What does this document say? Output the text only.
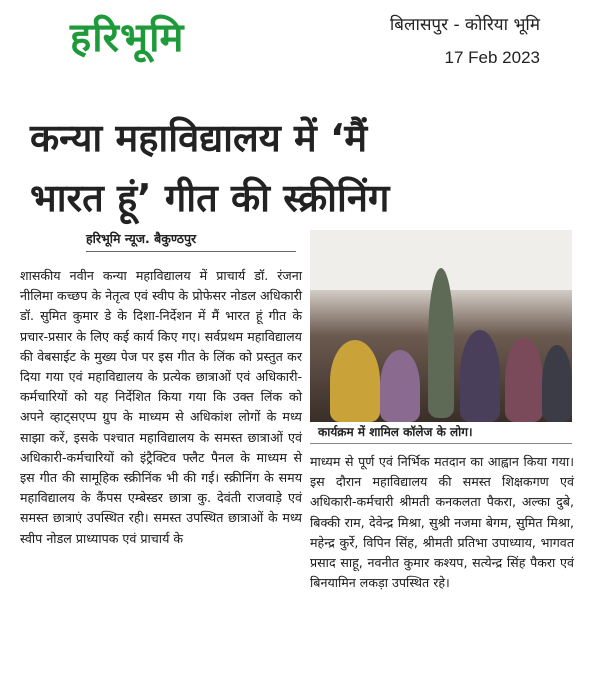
हरिभूमि	बिलासपुर - कोरिया भूमि
17 Feb 2023
कन्या महाविद्यालय में ‘मैं
भारत हूं’ गीत की स्क्रीनिंग
हरिभूमि न्यूज. बैकुण्ठपुर

शासकीय नवीन कन्या महाविद्यालय में प्राचार्य डॉ. रंजना नीलिमा कच्छप के नेतृत्व एवं स्वीप के प्रोफेसर नोडल अधिकारी डॉ. सुमित कुमार डे के दिशा-निर्देशन में मैं भारत हूं गीत के प्रचार-प्रसार के लिए कई कार्य किए गए। सर्वप्रथम महाविद्यालय की वेबसाईट के मुख्य पेज पर इस गीत के लिंक को प्रस्तुत कर दिया गया एवं महाविद्यालय के प्रत्येक छात्राओं एवं अधिकारी-कर्मचारियों को यह निर्देशित किया गया कि उक्त लिंक को अपने व्हाट्सएप्प ग्रुप के माध्यम से अधिकांश लोगों के मध्य साझा करें, इसके पश्चात महाविद्यालय के समस्त छात्राओं एवं अधिकारी-कर्मचारियों को इंट्रैक्टिव फ्लैट पैनल के माध्यम से इस गीत की सामूहिक स्क्रीनिंक भी की गई। स्क्रीनिंग के समय महाविद्यालय के कैंपस एम्बेस्डर छात्रा कु. देवंती राजवाड़े एवं समस्त छात्राएं उपस्थित रही। समस्त उपस्थित छात्राओं के मध्य स्वीप नोडल प्राध्यापक एवं प्राचार्य के

कार्यक्रम में शामिल कॉलेज के लोग।

माध्यम से पूर्ण एवं निर्भिक मतदान का आह्वान किया गया। इस दौरान महाविद्यालय की समस्त शिक्षकगण एवं अधिकारी-कर्मचारी श्रीमती कनकलता पैकरा, अल्का दुबे, बिक्की राम, देवेन्द्र मिश्रा, सुश्री नजमा बेगम, सुमित मिश्रा, महेन्द्र कुर्रे, विपिन सिंह, श्रीमती प्रतिभा उपाध्याय, भागवत प्रसाद साहू, नवनीत कुमार कश्यप, सत्येन्द्र सिंह पैकरा एवं बिनयामिन लकड़ा उपस्थित रहे।
